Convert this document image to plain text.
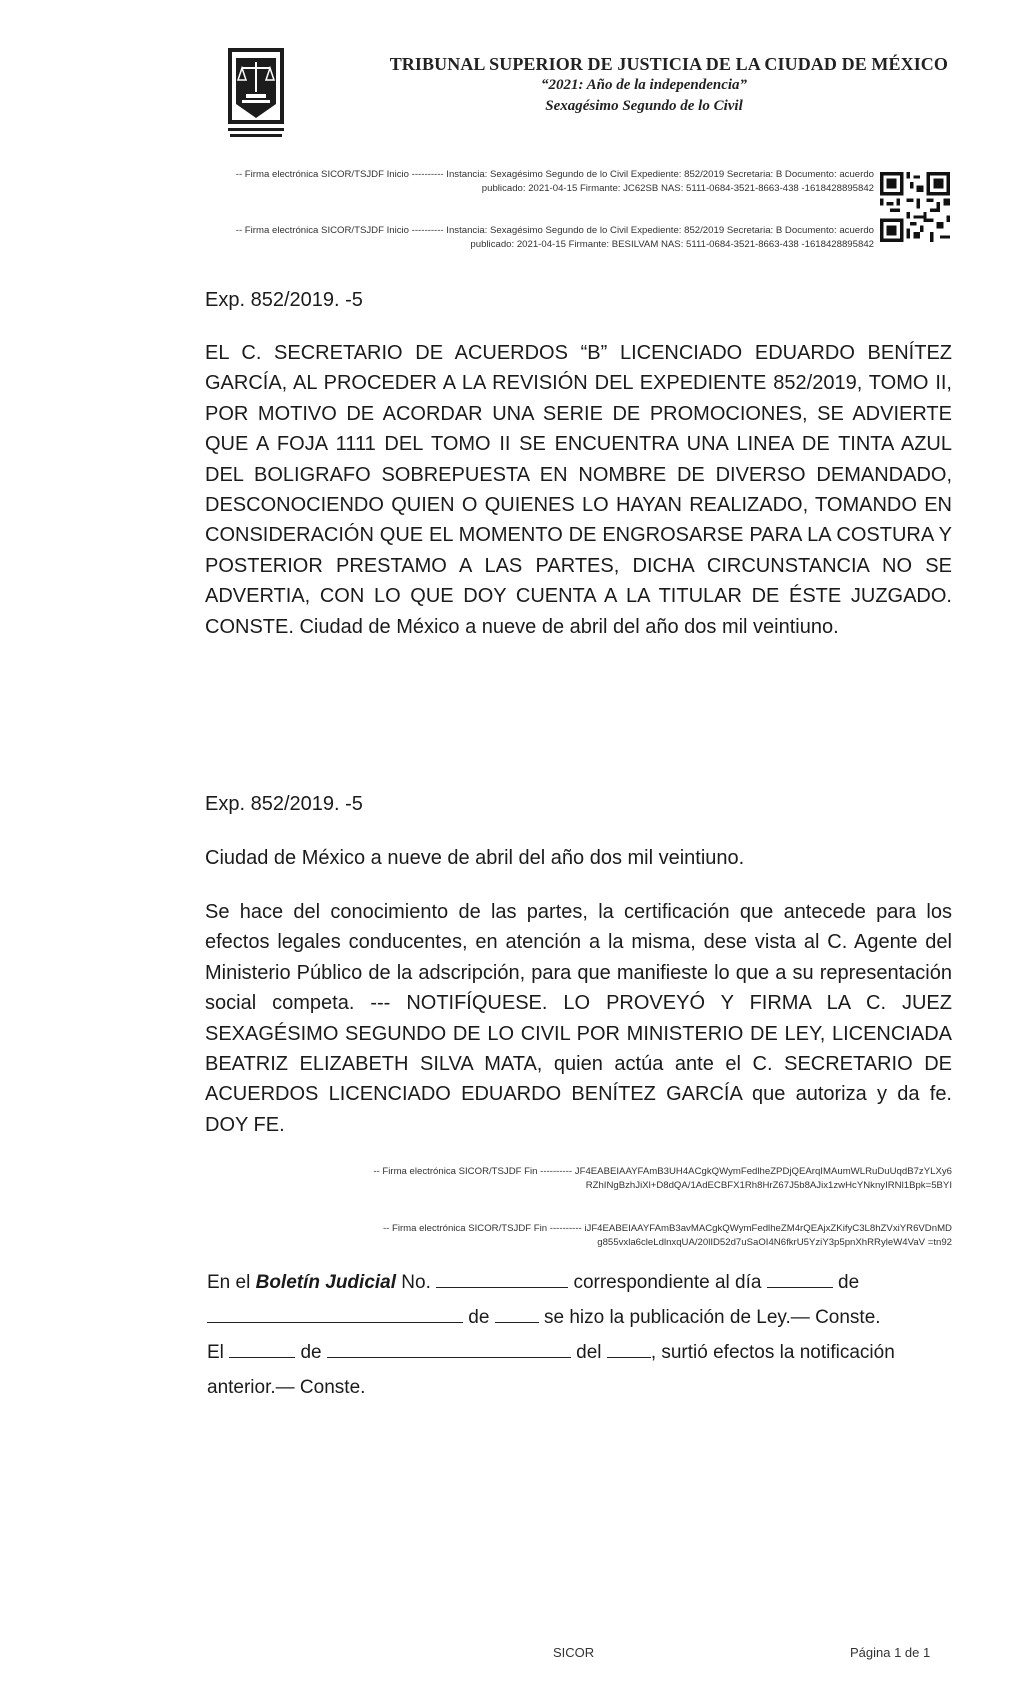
TRIBUNAL SUPERIOR DE JUSTICIA DE LA CIUDAD DE MÉXICO
“2021: Año de la independencia”
Sexagésimo Segundo de lo Civil
-- Firma electrónica SICOR/TSJDF Inicio ---------- Instancia: Sexagésimo Segundo de lo Civil Expediente: 852/2019 Secretaria: B Documento: acuerdo
publicado: 2021-04-15 Firmante: JC62SB NAS: 5111-0684-3521-8663-438 -1618428895842
-- Firma electrónica SICOR/TSJDF Inicio ---------- Instancia: Sexagésimo Segundo de lo Civil Expediente: 852/2019 Secretaria: B Documento: acuerdo
publicado: 2021-04-15 Firmante: BESILVAM NAS: 5111-0684-3521-8663-438 -1618428895842
Exp. 852/2019. -5
EL C. SECRETARIO DE ACUERDOS “B” LICENCIADO EDUARDO BENÍTEZ GARCÍA, AL PROCEDER A LA REVISIÓN DEL EXPEDIENTE 852/2019, TOMO II, POR MOTIVO DE ACORDAR UNA SERIE DE PROMOCIONES, SE ADVIERTE QUE A FOJA 1111 DEL TOMO II SE ENCUENTRA UNA LINEA DE TINTA AZUL DEL BOLIGRAFO SOBREPUESTA EN NOMBRE DE DIVERSO DEMANDADO, DESCONOCIENDO QUIEN O QUIENES LO HAYAN REALIZADO, TOMANDO EN CONSIDERACIÓN QUE EL MOMENTO DE ENGROSARSE PARA LA COSTURA Y POSTERIOR PRESTAMO A LAS PARTES, DICHA CIRCUNSTANCIA NO SE ADVERTIA, CON LO QUE DOY CUENTA A LA TITULAR DE ÉSTE JUZGADO. CONSTE. Ciudad de México a nueve de abril del año dos mil veintiuno.
Exp. 852/2019. -5
Ciudad de México a nueve de abril del año dos mil veintiuno.
Se hace del conocimiento de las partes, la certificación que antecede para los efectos legales conducentes, en atención a la misma, dese vista al C. Agente del Ministerio Público de la adscripción, para que manifieste lo que a su representación social competa. --- NOTIFÍQUESE. LO PROVEYÓ Y FIRMA LA C. JUEZ SEXAGÉSIMO SEGUNDO DE LO CIVIL POR MINISTERIO DE LEY, LICENCIADA BEATRIZ ELIZABETH SILVA MATA, quien actúa ante el C. SECRETARIO DE ACUERDOS LICENCIADO EDUARDO BENÍTEZ GARCÍA que autoriza y da fe. DOY FE.
-- Firma electrónica SICOR/TSJDF Fin ---------- JF4EABEIAAYFAmB3UH4ACgkQWymFedlheZPDjQEArqIMAumWLRuDuUqdB7zYLXy6
RZhINgBzhJiXl+D8dQA/1AdECBFX1Rh8HrZ67J5b8AJix1zwHcYNknyIRNl1Bpk=5BYI
-- Firma electrónica SICOR/TSJDF Fin ---------- iJF4EABEIAAYFAmB3avMACgkQWymFedlheZM4rQEAjxZKifyC3L8hZVxiYR6VDnMD
g855vxla6cleLdlnxqUA/20lID52d7uSaOI4N6fkrU5YziY3p5pnXhRRyleW4VaV =tn92
En el Boletín Judicial No.	correspondiente al día	de
de	se hizo la publicación de Ley.— Conste.
El	de	del	, surtió efectos la notificación
anterior.— Conste.
SICOR	Página 1 de 1
